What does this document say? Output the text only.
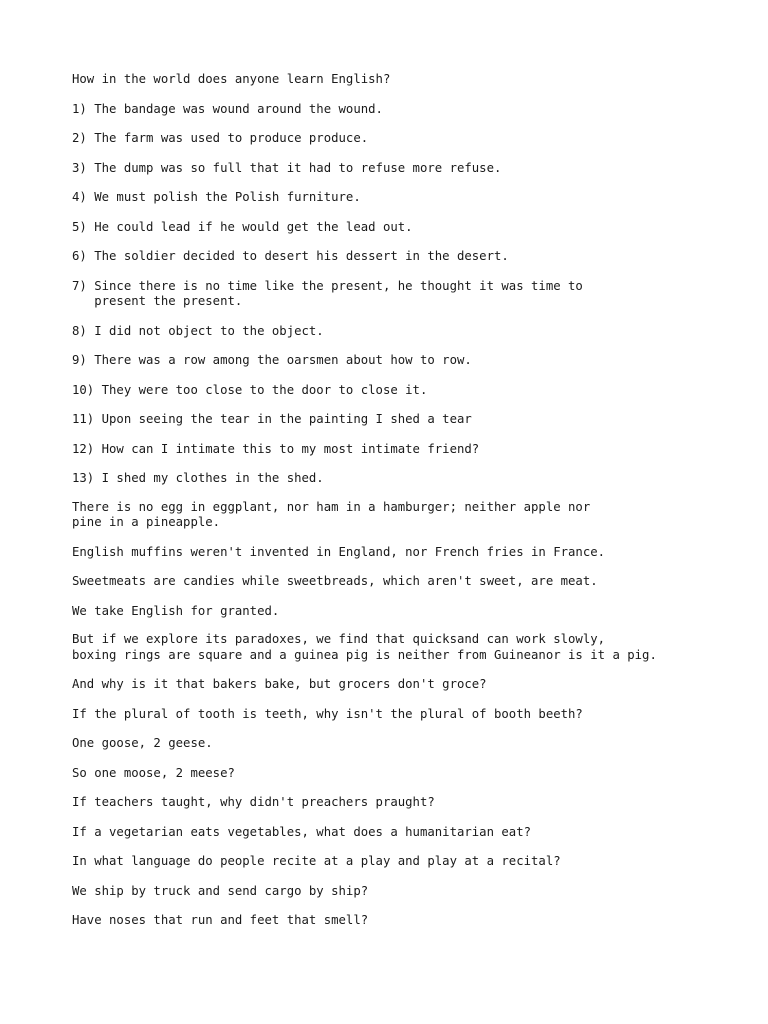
How in the world does anyone learn English?

1) The bandage was wound around the wound.

2) The farm was used to produce produce.

3) The dump was so full that it had to refuse more refuse.

4) We must polish the Polish furniture.

5) He could lead if he would get the lead out.

6) The soldier decided to desert his dessert in the desert.

7) Since there is no time like the present, he thought it was time to
present the present.

8) I did not object to the object.

9) There was a row among the oarsmen about how to row.

10) They were too close to the door to close it.

11) Upon seeing the tear in the painting I shed a tear

12) How can I intimate this to my most intimate friend?

13) I shed my clothes in the shed.

There is no egg in eggplant, nor ham in a hamburger; neither apple nor
pine in a pineapple.

English muffins weren't invented in England, nor French fries in France.

Sweetmeats are candies while sweetbreads, which aren't sweet, are meat.

We take English for granted.

But if we explore its paradoxes, we find that quicksand can work slowly,
boxing rings are square and a guinea pig is neither from Guineanor is it a pig.

And why is it that bakers bake, but grocers don't groce?

If the plural of tooth is teeth, why isn't the plural of booth beeth?

One goose, 2 geese.

So one moose, 2 meese?

If teachers taught, why didn't preachers praught?

If a vegetarian eats vegetables, what does a humanitarian eat?

In what language do people recite at a play and play at a recital?

We ship by truck and send cargo by ship?

Have noses that run and feet that smell?
